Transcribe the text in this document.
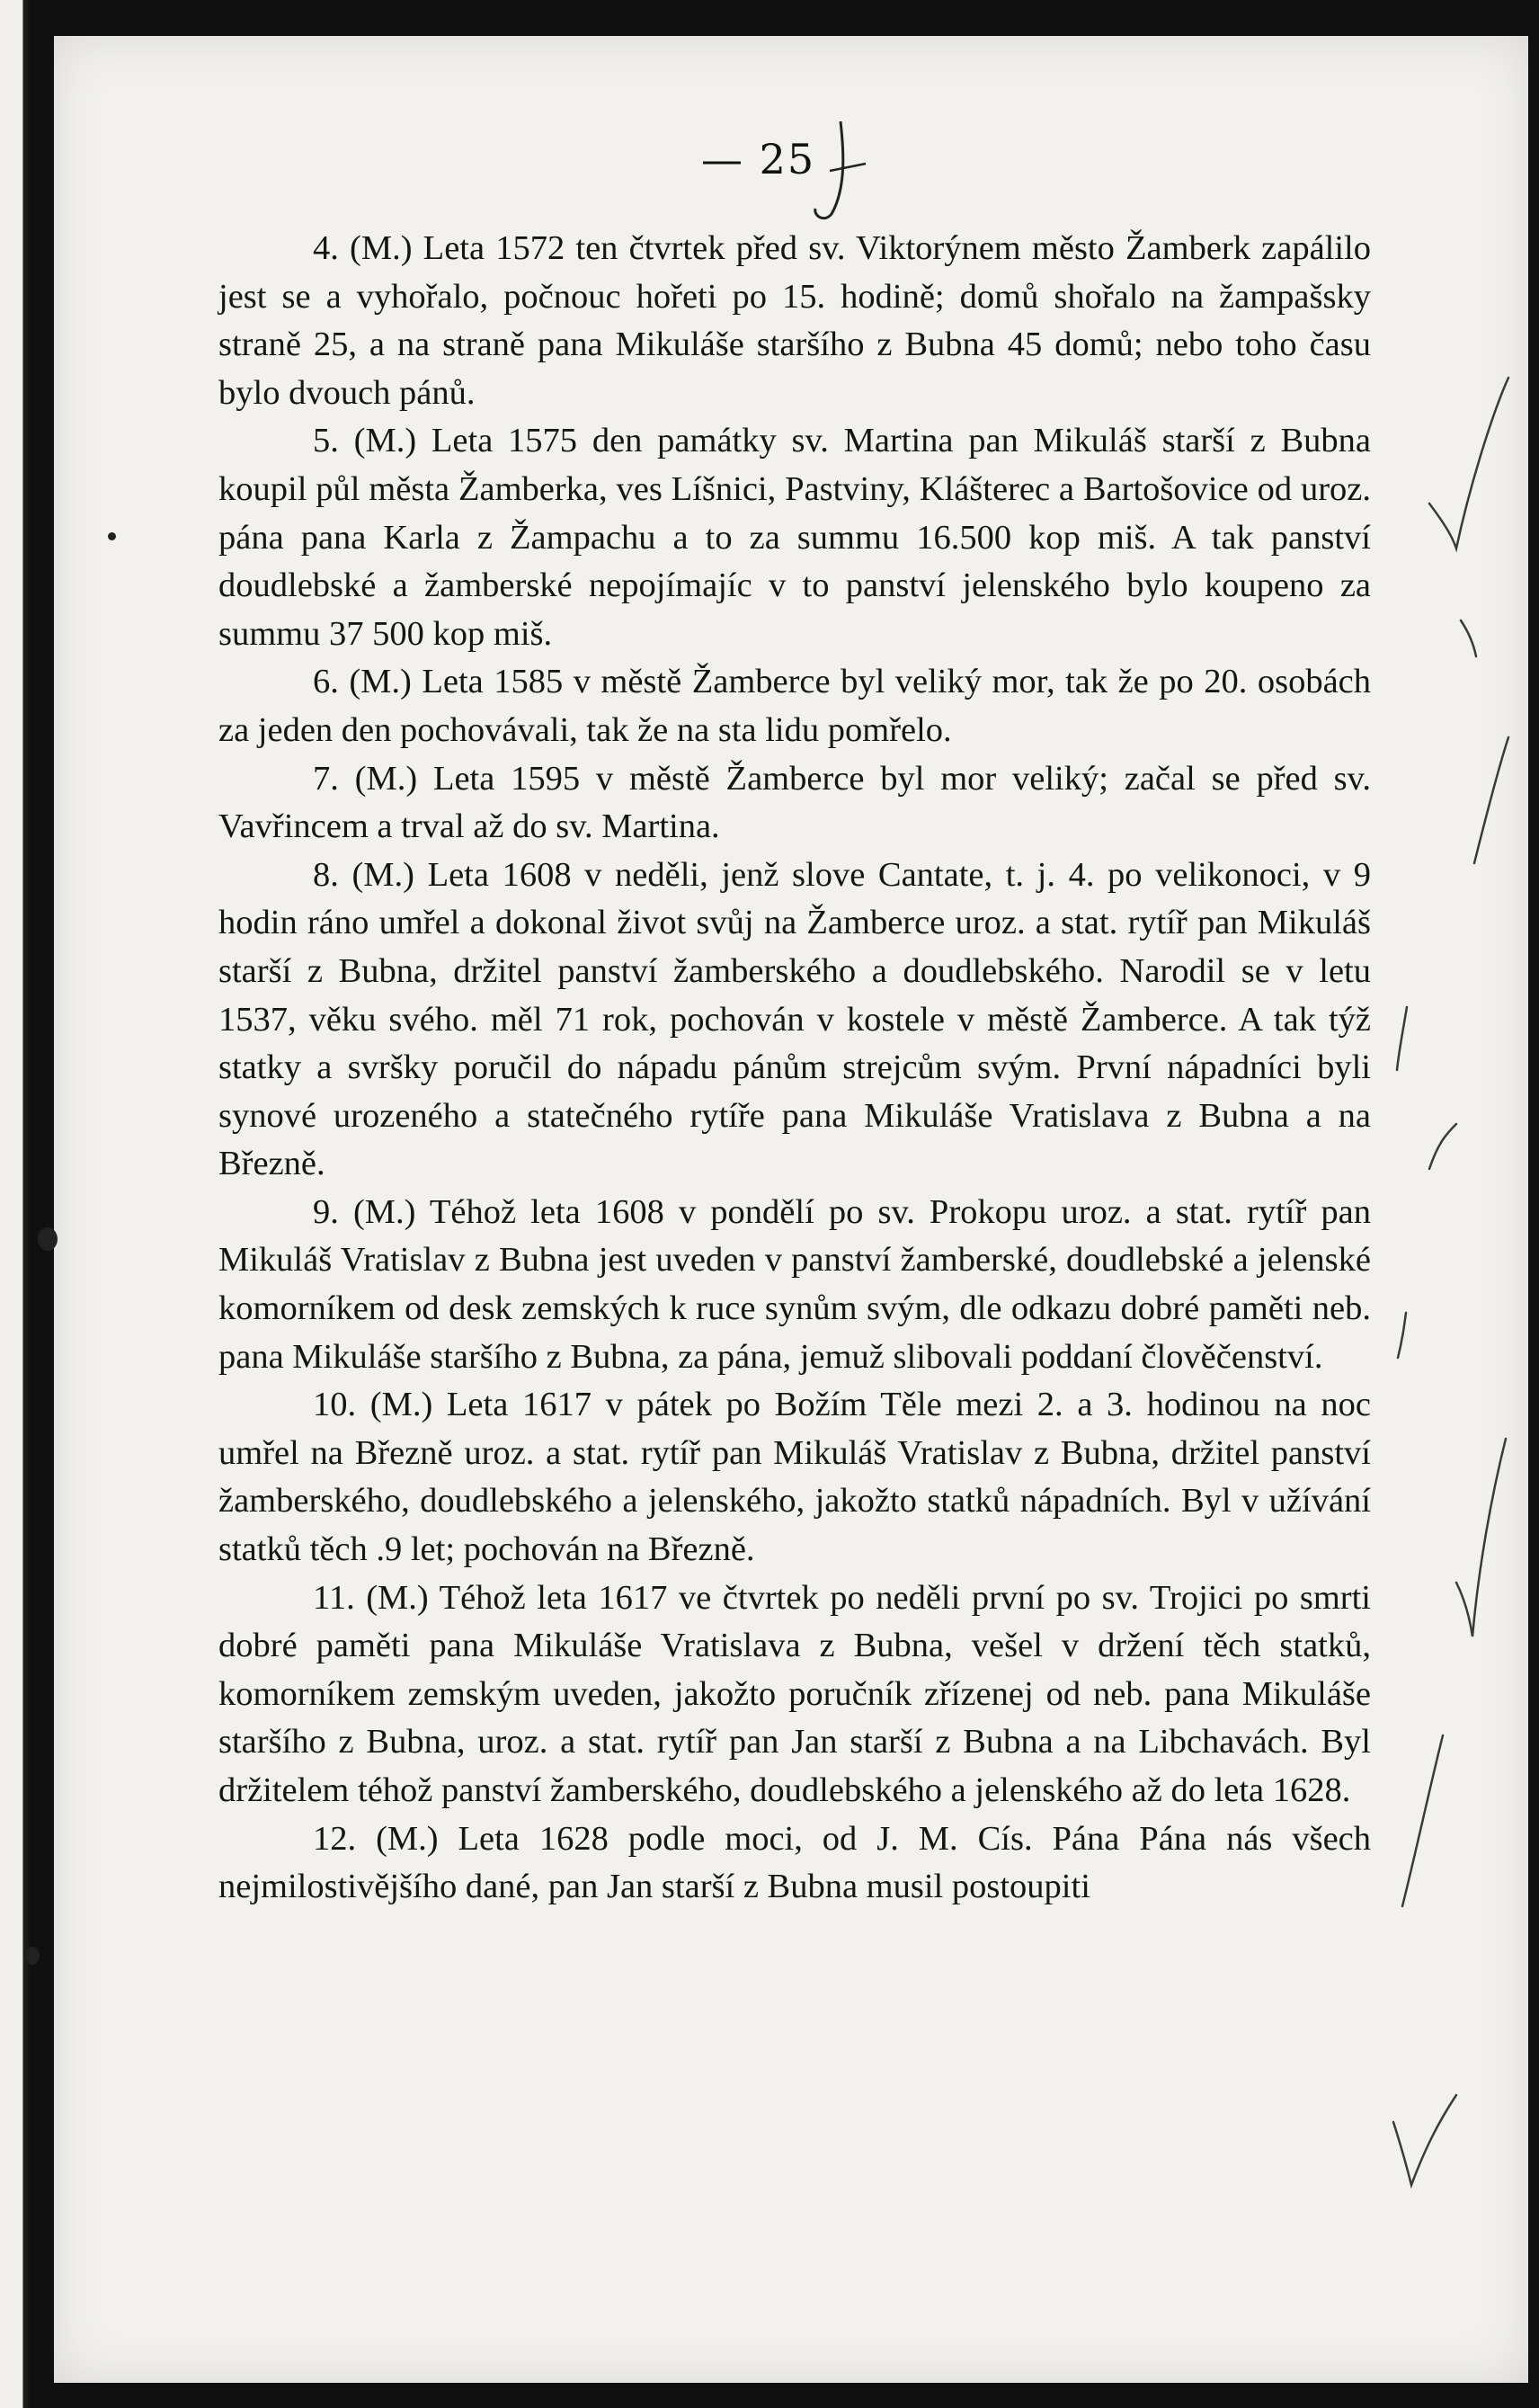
— 25

4. (M.) Leta 1572 ten čtvrtek před sv. Viktorýnem město Žamberk zapálilo jest se a vyhořalo, počnouc hořeti po 15. hodině; domů shořalo na žampašsky straně 25, a na straně pana Mikuláše staršího z Bubna 45 domů; nebo toho času bylo dvouch pánů.

5. (M.) Leta 1575 den památky sv. Martina pan Mikuláš starší z Bubna koupil půl města Žamberka, ves Líšnici, Pastviny, Klášterec a Bartošovice od uroz. pána pana Karla z Žampachu a to za summu 16.500 kop miš. A tak panství doudlebské a žamberské nepojímajíc v to panství jelenského bylo koupeno za summu 37 500 kop miš.

6. (M.) Leta 1585 v městě Žamberce byl veliký mor, tak že po 20. osobách za jeden den pochovávali, tak že na sta lidu pomřelo.

7. (M.) Leta 1595 v městě Žamberce byl mor veliký; začal se před sv. Vavřincem a trval až do sv. Martina.

8. (M.) Leta 1608 v neděli, jenž slove Cantate, t. j. 4. po velikonoci, v 9 hodin ráno umřel a dokonal život svůj na Žamberce uroz. a stat. rytíř pan Mikuláš starší z Bubna, držitel panství žamberského a doudlebského. Narodil se v letu 1537, věku svého. měl 71 rok, pochován v kostele v městě Žamberce. A tak týž statky a svršky poručil do nápadu pánům strejcům svým. První nápadníci byli synové urozeného a statečného rytíře pana Mikuláše Vratislava z Bubna a na Březně.

9. (M.) Téhož leta 1608 v pondělí po sv. Prokopu uroz. a stat. rytíř pan Mikuláš Vratislav z Bubna jest uveden v panství žamberské, doudlebské a jelenské komorníkem od desk zemských k ruce synům svým, dle odkazu dobré paměti neb. pana Mikuláše staršího z Bubna, za pána, jemuž slibovali poddaní člověčenství.

10. (M.) Leta 1617 v pátek po Božím Těle mezi 2. a 3. hodinou na noc umřel na Březně uroz. a stat. rytíř pan Mikuláš Vratislav z Bubna, držitel panství žamberského, doudlebského a jelenského, jakožto statků nápadních. Byl v užívání statků těch .9 let; pochován na Březně.

11. (M.) Téhož leta 1617 ve čtvrtek po neděli první po sv. Trojici po smrti dobré paměti pana Mikuláše Vratislava z Bubna, vešel v držení těch statků, komorníkem zemským uveden, jakožto poručník zřízenej od neb. pana Mikuláše staršího z Bubna, uroz. a stat. rytíř pan Jan starší z Bubna a na Libchavách. Byl držitelem téhož panství žamberského, doudlebského a jelenského až do leta 1628.

12. (M.) Leta 1628 podle moci, od J. M. Cís. Pána Pána nás všech nejmilostivějšího dané, pan Jan starší z Bubna musil postoupiti
